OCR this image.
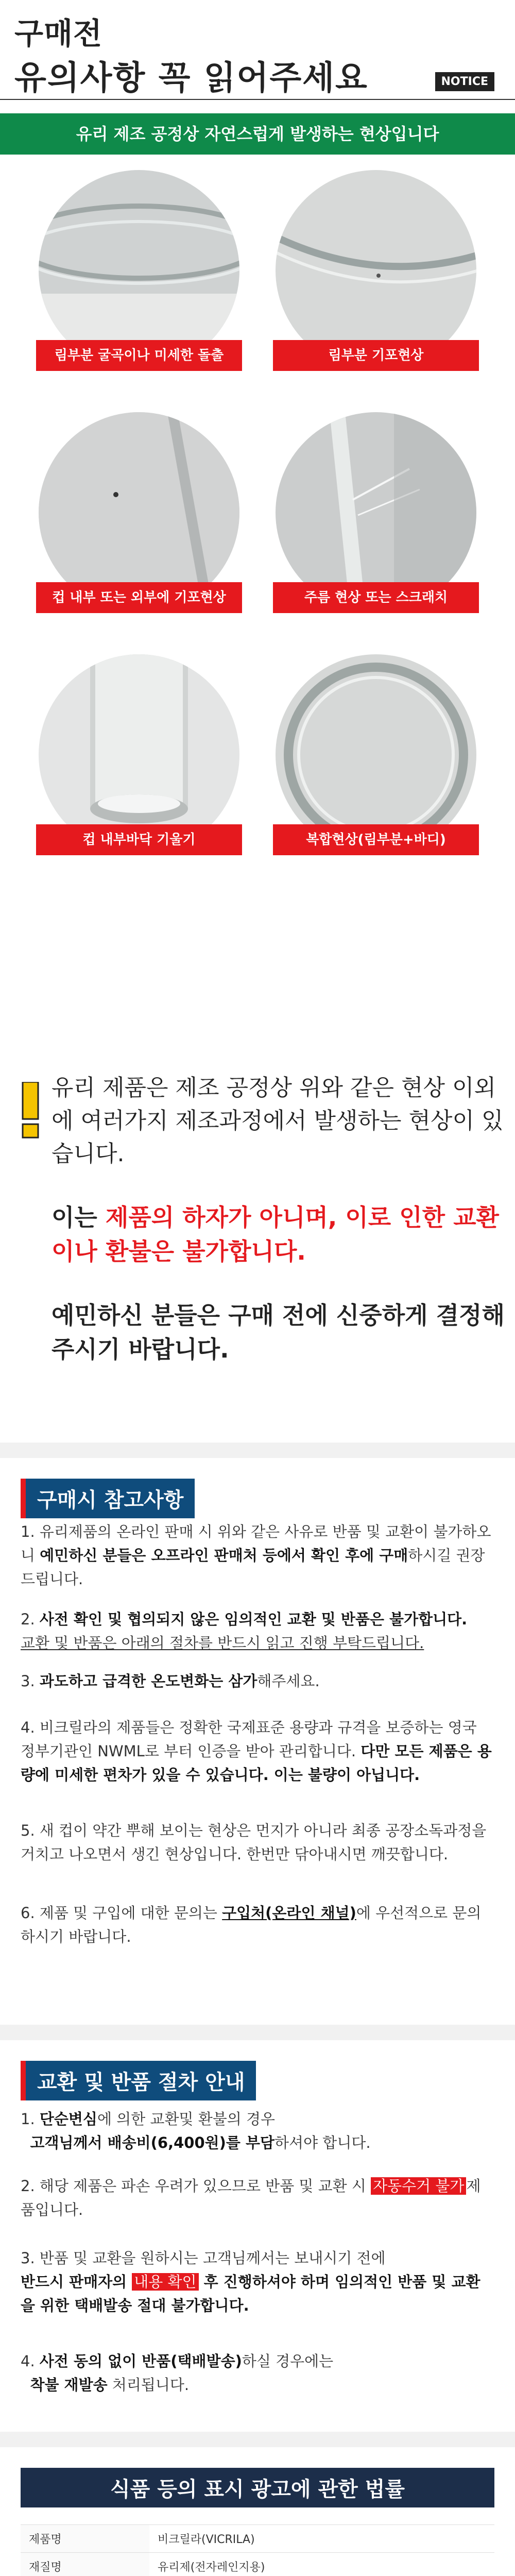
구매전
유의사항 꼭 읽어주세요	NOTICE
유리 제조 공정상 자연스럽게 발생하는 현상입니다
림부분 굴곡이나 미세한 돌출	림부분 기포현상
컵 내부 또는 외부에 기포현상	주름 현상 또는 스크래치
컵 내부바닥 기울기	복합현상(림부분+바디)
유리 제품은 제조 공정상 위와 같은 현상 이외에 여러가지 제조과정에서 발생하는 현상이 있습니다.
이는 제품의 하자가 아니며, 이로 인한 교환이나 환불은 불가합니다.
예민하신 분들은 구매 전에 신중하게 결정해 주시기 바랍니다.
구매시 참고사항
1. 유리제품의 온라인 판매 시 위와 같은 사유로 반품 및 교환이 불가하오니 예민하신 분들은 오프라인 판매처 등에서 확인 후에 구매하시길 권장드립니다.
2. 사전 확인 및 협의되지 않은 임의적인 교환 및 반품은 불가합니다.
교환 및 반품은 아래의 절차를 반드시 읽고 진행 부탁드립니다.
3. 과도하고 급격한 온도변화는 삼가해주세요.
4. 비크릴라의 제품들은 정확한 국제표준 용량과 규격을 보증하는 영국 정부기관인 NWML로 부터 인증을 받아 관리합니다. 다만 모든 제품은 용량에 미세한 편차가 있을 수 있습니다. 이는 불량이 아닙니다.
5. 새 컵이 약간 뿌해 보이는 현상은 먼지가 아니라 최종 공장소독과정을 거치고 나오면서 생긴 현상입니다. 한번만 닦아내시면 깨끗합니다.
6. 제품 및 구입에 대한 문의는 구입처(온라인 채널)에 우선적으로 문의하시기 바랍니다.
교환 및 반품 절차 안내
1. 단순변심에 의한 교환및 환불의 경우
고객님께서 배송비(6,400원)를 부담하셔야 합니다.
2. 해당 제품은 파손 우려가 있으므로 반품 및 교환 시 자동수거 불가 제품입니다.
3. 반품 및 교환을 원하시는 고객님께서는 보내시기 전에
반드시 판매자의 내용 확인 후 진행하셔야 하며 임의적인 반품 및 교환을 위한 택배발송 절대 불가합니다.
4. 사전 동의 없이 반품(택배발송)하실 경우에는
착불 재발송 처리됩니다.
식품 등의 표시 광고에 관한 법률
제품명	비크릴라(VICRILA)
재질명	유리제(전자레인지용)
